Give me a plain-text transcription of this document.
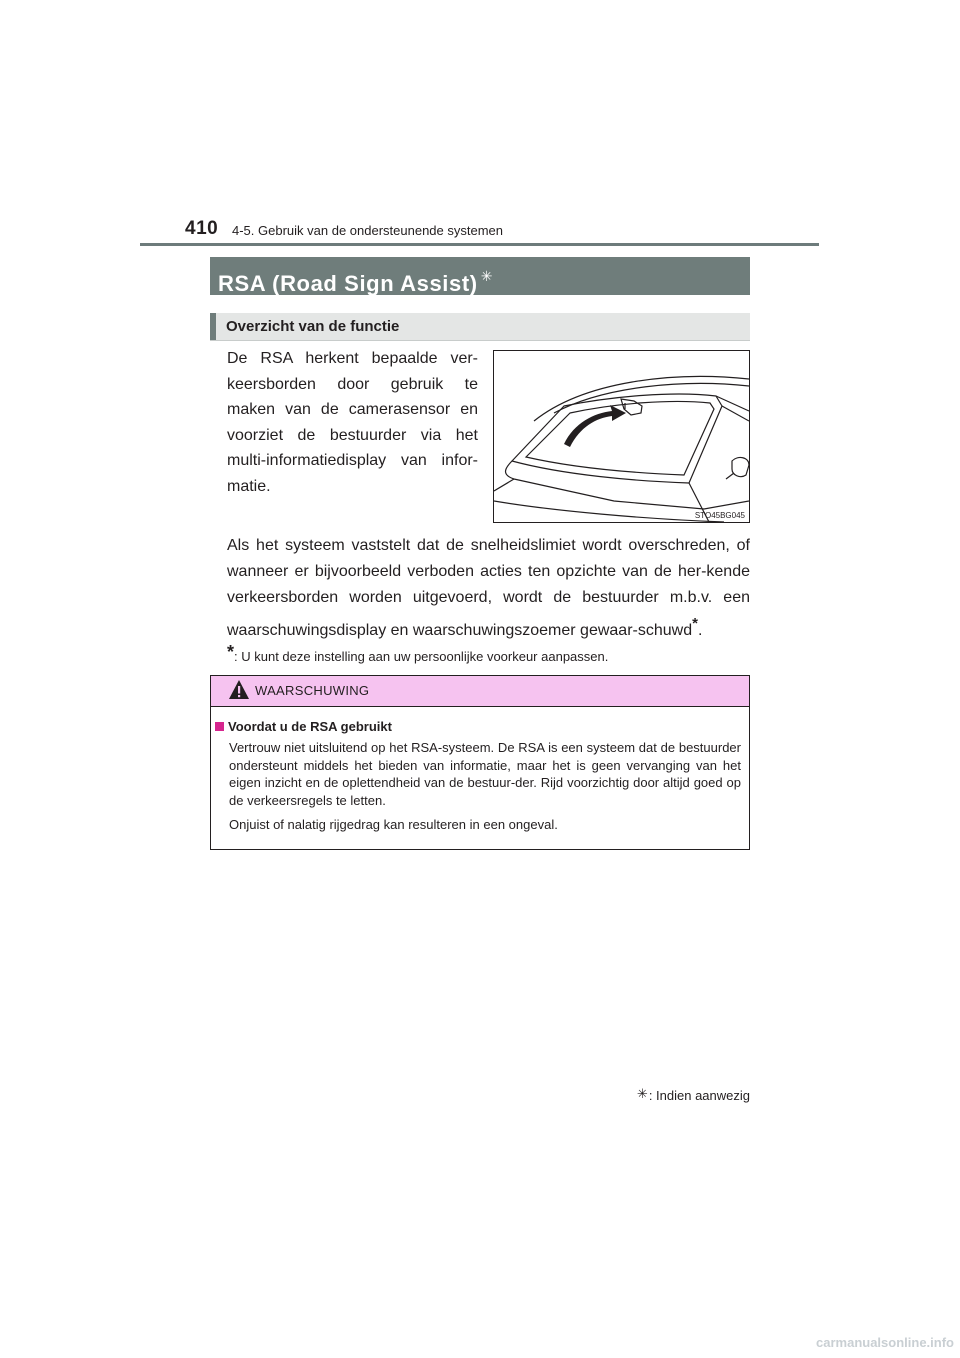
410 4-5. Gebruik van de ondersteunende systemen
RSA (Road Sign Assist) ✳
Overzicht van de functie
De RSA herkent bepaalde ver-keersborden door gebruik te maken van de camerasensor en voorziet de bestuurder via het multi-informatiedisplay van infor-matie.
STO45BG045
Als het systeem vaststelt dat de snelheidslimiet wordt overschreden, of wanneer er bijvoorbeeld verboden acties ten opzichte van de her-kende verkeersborden worden uitgevoerd, wordt de bestuurder m.b.v. een waarschuwingsdisplay en waarschuwingszoemer gewaar-schuwd*.
*: U kunt deze instelling aan uw persoonlijke voorkeur aanpassen.
WAARSCHUWING
Voordat u de RSA gebruikt
Vertrouw niet uitsluitend op het RSA-systeem. De RSA is een systeem dat de bestuurder ondersteunt middels het bieden van informatie, maar het is geen vervanging van het eigen inzicht en de oplettendheid van de bestuur-der. Rijd voorzichtig door altijd goed op de verkeersregels te letten.
Onjuist of nalatig rijgedrag kan resulteren in een ongeval.
✳: Indien aanwezig
carmanualsonline.info
